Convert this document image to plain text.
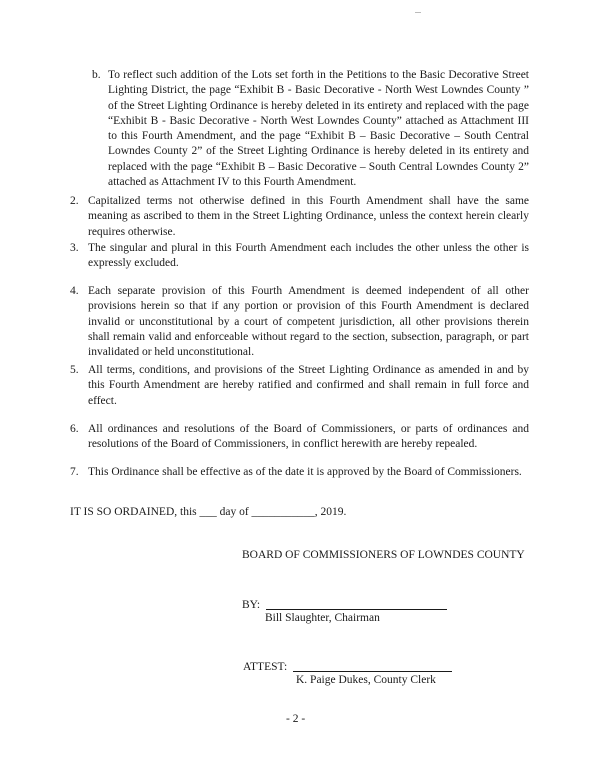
b. To reflect such addition of the Lots set forth in the Petitions to the Basic Decorative Street Lighting District, the page “Exhibit B - Basic Decorative - North West Lowndes County ” of the Street Lighting Ordinance is hereby deleted in its entirety and replaced with the page “Exhibit B - Basic Decorative - North West Lowndes County” attached as Attachment III to this Fourth Amendment, and the page “Exhibit B – Basic Decorative – South Central Lowndes County 2” of the Street Lighting Ordinance is hereby deleted in its entirety and replaced with the page “Exhibit B – Basic Decorative – South Central Lowndes County 2” attached as Attachment IV to this Fourth Amendment.
2. Capitalized terms not otherwise defined in this Fourth Amendment shall have the same meaning as ascribed to them in the Street Lighting Ordinance, unless the context herein clearly requires otherwise.
3. The singular and plural in this Fourth Amendment each includes the other unless the other is expressly excluded.
4. Each separate provision of this Fourth Amendment is deemed independent of all other provisions herein so that if any portion or provision of this Fourth Amendment is declared invalid or unconstitutional by a court of competent jurisdiction, all other provisions therein shall remain valid and enforceable without regard to the section, subsection, paragraph, or part invalidated or held unconstitutional.
5. All terms, conditions, and provisions of the Street Lighting Ordinance as amended in and by this Fourth Amendment are hereby ratified and confirmed and shall remain in full force and effect.
6. All ordinances and resolutions of the Board of Commissioners, or parts of ordinances and resolutions of the Board of Commissioners, in conflict herewith are hereby repealed.
7. This Ordinance shall be effective as of the date it is approved by the Board of Commissioners.
IT IS SO ORDAINED, this ___ day of ___________, 2019.
BOARD OF COMMISSIONERS OF LOWNDES COUNTY
BY:
Bill Slaughter, Chairman
ATTEST:
K. Paige Dukes, County Clerk
- 2 -
